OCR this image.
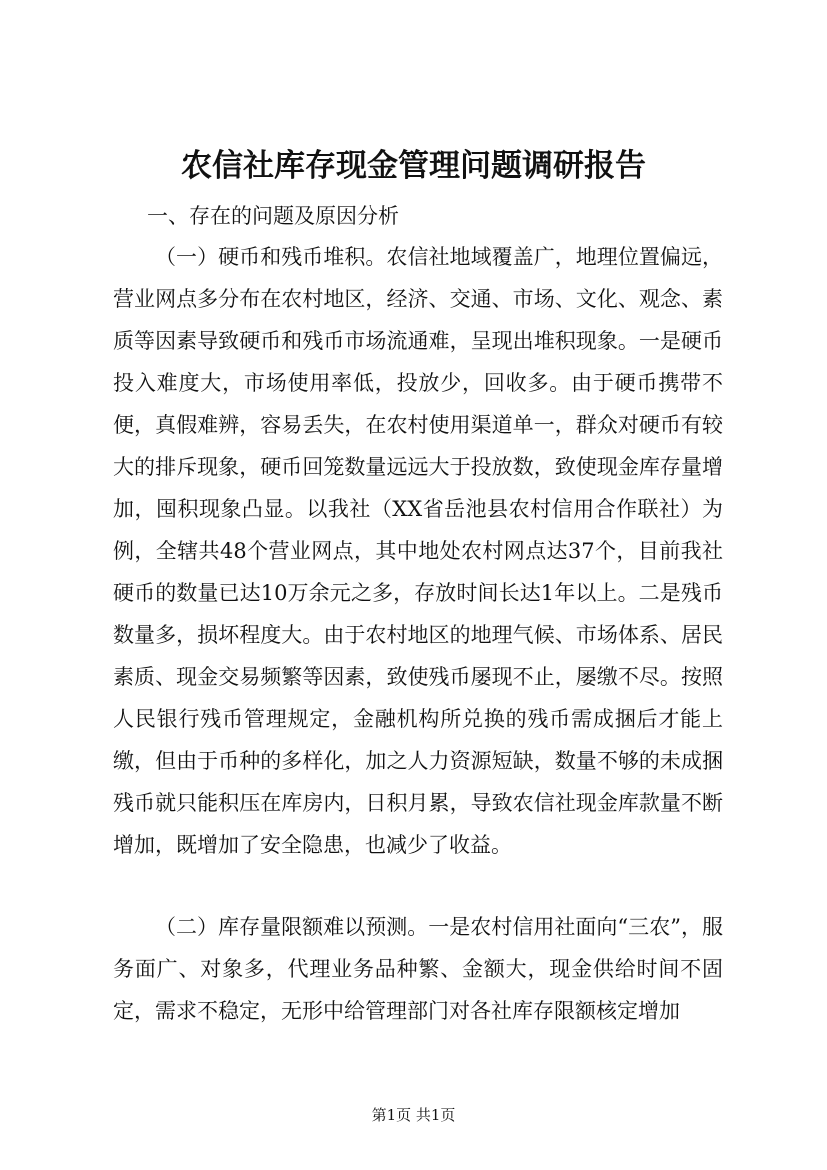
农信社库存现金管理问题调研报告

一、存在的问题及原因分析

（一）硬币和残币堆积。农信社地域覆盖广，地理位置偏远，营业网点多分布在农村地区，经济、交通、市场、文化、观念、素质等因素导致硬币和残币市场流通难，呈现出堆积现象。一是硬币投入难度大，市场使用率低，投放少，回收多。由于硬币携带不便，真假难辨，容易丢失，在农村使用渠道单一，群众对硬币有较大的排斥现象，硬币回笼数量远远大于投放数，致使现金库存量增加，囤积现象凸显。以我社（XX省岳池县农村信用合作联社）为例，全辖共48个营业网点，其中地处农村网点达37个，目前我社硬币的数量已达10万余元之多，存放时间长达1年以上。二是残币数量多，损坏程度大。由于农村地区的地理气候、市场体系、居民素质、现金交易频繁等因素，致使残币屡现不止，屡缴不尽。按照人民银行残币管理规定，金融机构所兑换的残币需成捆后才能上缴，但由于币种的多样化，加之人力资源短缺，数量不够的未成捆残币就只能积压在库房内，日积月累，导致农信社现金库款量不断增加，既增加了安全隐患，也减少了收益。

（二）库存量限额难以预测。一是农村信用社面向“三农”，服务面广、对象多，代理业务品种繁、金额大，现金供给时间不固定，需求不稳定，无形中给管理部门对各社库存限额核定增加

第1页 共1页
